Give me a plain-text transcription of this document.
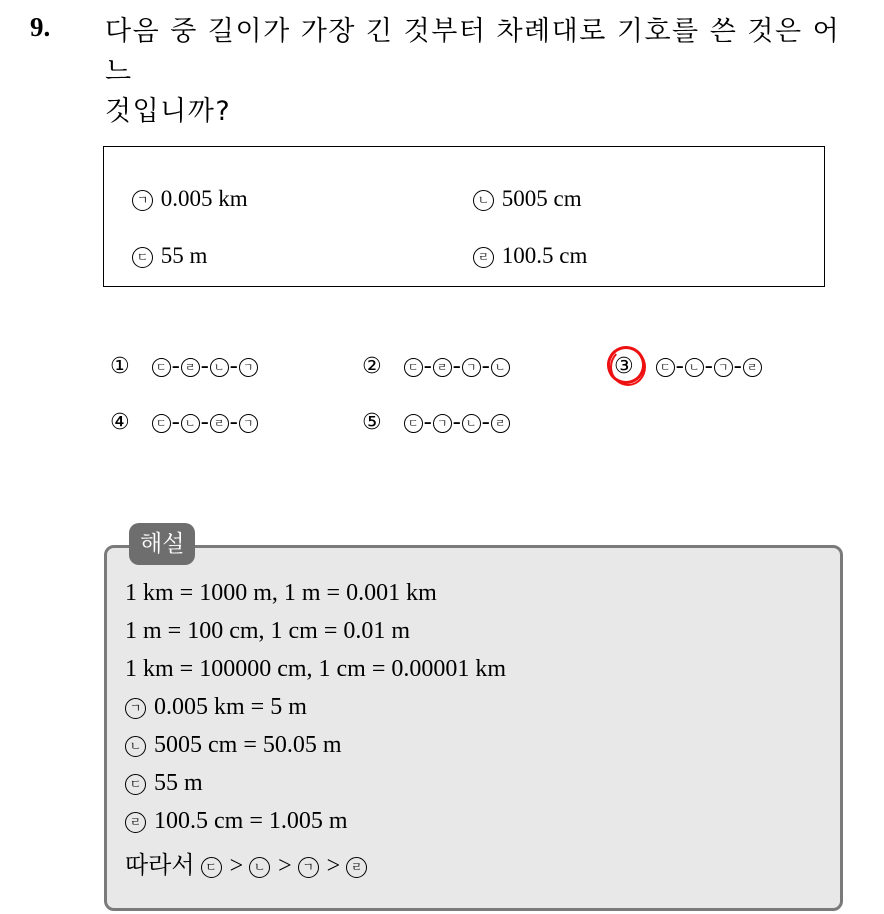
9. 다음 중 길이가 가장 긴 것부터 차례대로 기호를 쓴 것은 어느
것입니까?
ㄱ 0.005 km	ㄴ 5005 cm
ㄷ 55 m	ㄹ 100.5 cm
① ㄷ - ㄹ - ㄴ - ㄱ	② ㄷ - ㄹ - ㄱ - ㄴ	③ ㄷ - ㄴ - ㄱ - ㄹ
④ ㄷ - ㄴ - ㄹ - ㄱ	⑤ ㄷ - ㄱ - ㄴ - ㄹ
해설
1 km = 1000 m, 1 m = 0.001 km
1 m = 100 cm, 1 cm = 0.01 m
1 km = 100000 cm, 1 cm = 0.00001 km
ㄱ 0.005 km = 5 m
ㄴ 5005 cm = 50.05 m
ㄷ 55 m
ㄹ 100.5 cm = 1.005 m
따라서 ㄷ > ㄴ > ㄱ > ㄹ
